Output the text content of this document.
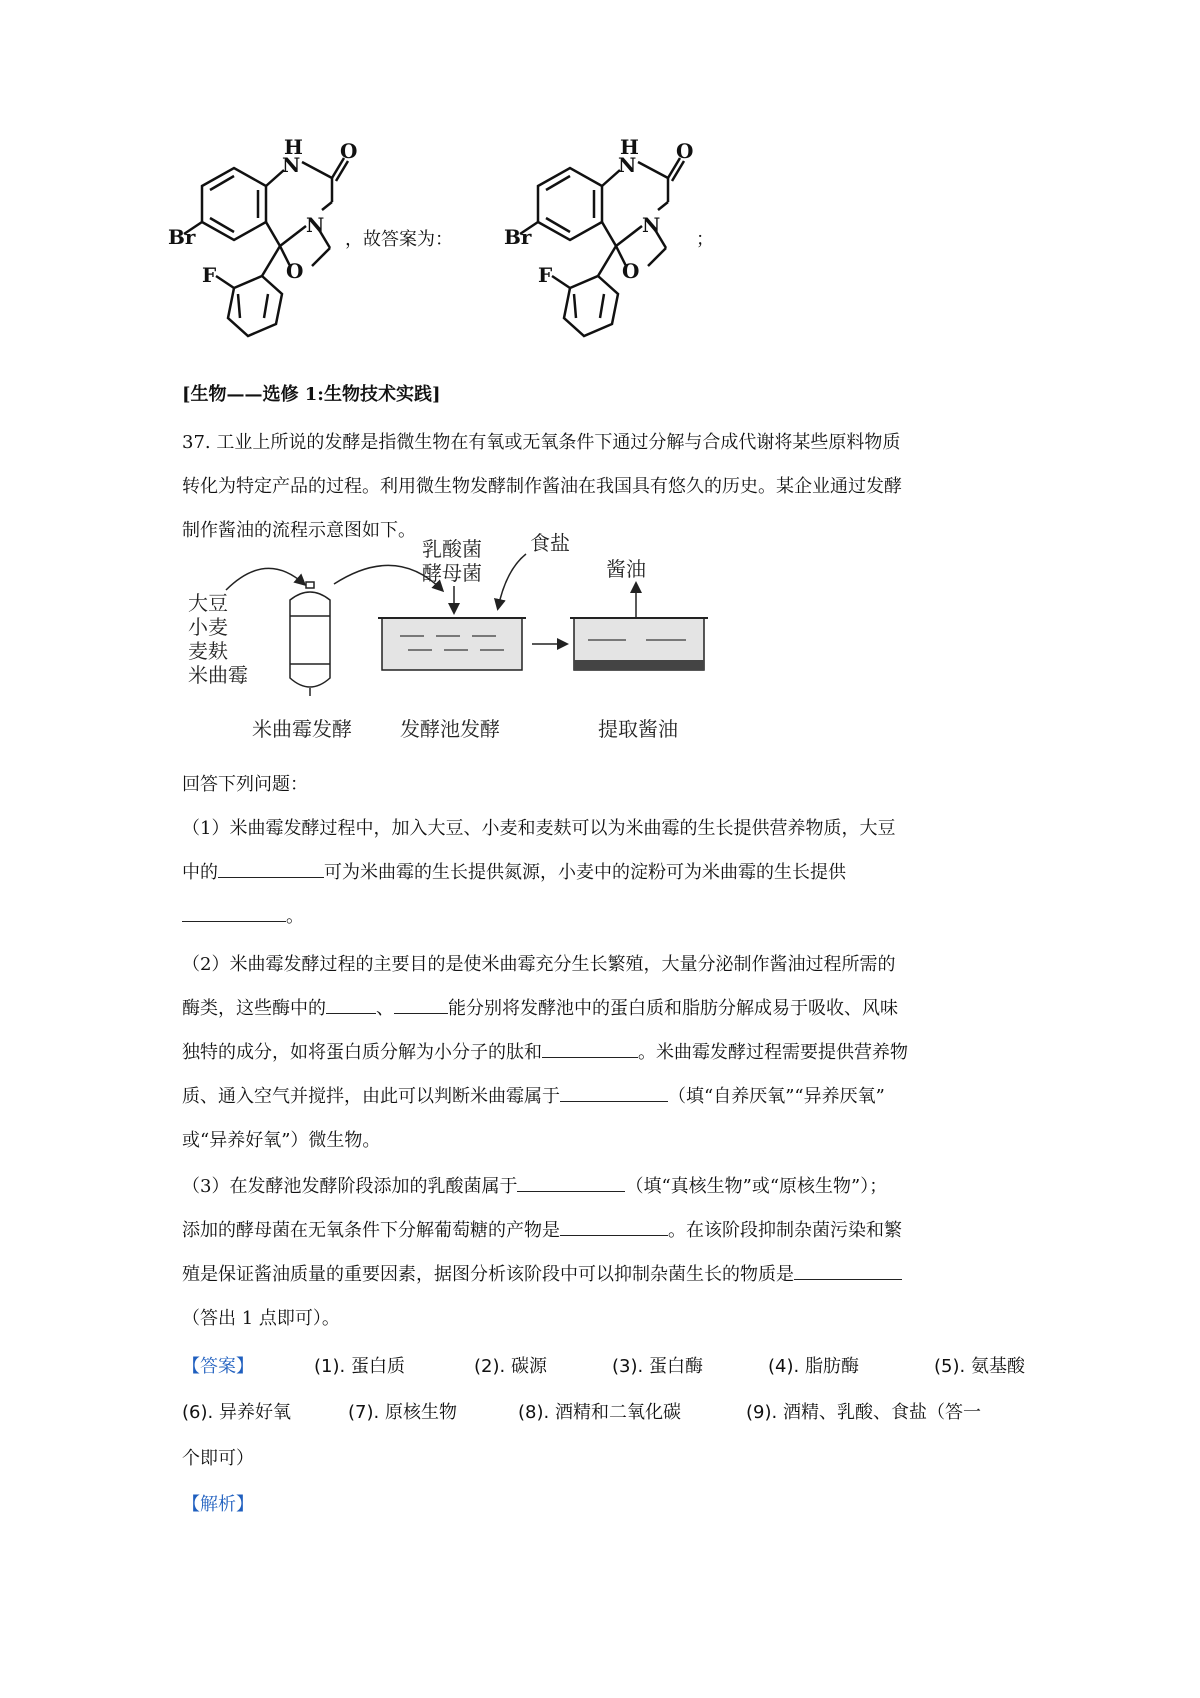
H
N
O
N
O
Br
F
，故答案为：
H
N
O
N
O
Br
F
；
[生物——选修 1:生物技术实践]
37. 工业上所说的发酵是指微生物在有氧或无氧条件下通过分解与合成代谢将某些原料物质
转化为特定产品的过程。利用微生物发酵制作酱油在我国具有悠久的历史。某企业通过发酵
制作酱油的流程示意图如下。
大豆
小麦
麦麸
米曲霉
乳酸菌
酵母菌
食盐
酱油
米曲霉发酵 发酵池发酵	提取酱油
回答下列问题：
（1）米曲霉发酵过程中，加入大豆、小麦和麦麸可以为米曲霉的生长提供营养物质，大豆
中的	可为米曲霉的生长提供氮源，小麦中的淀粉可为米曲霉的生长提供
。
（2）米曲霉发酵过程的主要目的是使米曲霉充分生长繁殖，大量分泌制作酱油过程所需的
酶类，这些酶中的	、	能分别将发酵池中的蛋白质和脂肪分解成易于吸收、风味
独特的成分，如将蛋白质分解为小分子的肽和	。米曲霉发酵过程需要提供营养物
质、通入空气并搅拌，由此可以判断米曲霉属于	（填“自养厌氧”“异养厌氧”
或“异养好氧”）微生物。
（3）在发酵池发酵阶段添加的乳酸菌属于	（填“真核生物”或“原核生物”）；
添加的酵母菌在无氧条件下分解葡萄糖的产物是	。在该阶段抑制杂菌污染和繁
殖是保证酱油质量的重要因素，据图分析该阶段中可以抑制杂菌生长的物质是
（答出 1 点即可）。
【答案】	(1). 蛋白质	(2). 碳源	(3). 蛋白酶	(4). 脂肪酶	(5). 氨基酸
(6). 异养好氧	(7). 原核生物	(8). 酒精和二氧化碳	(9). 酒精、乳酸、食盐（答一
个即可）
【解析】
